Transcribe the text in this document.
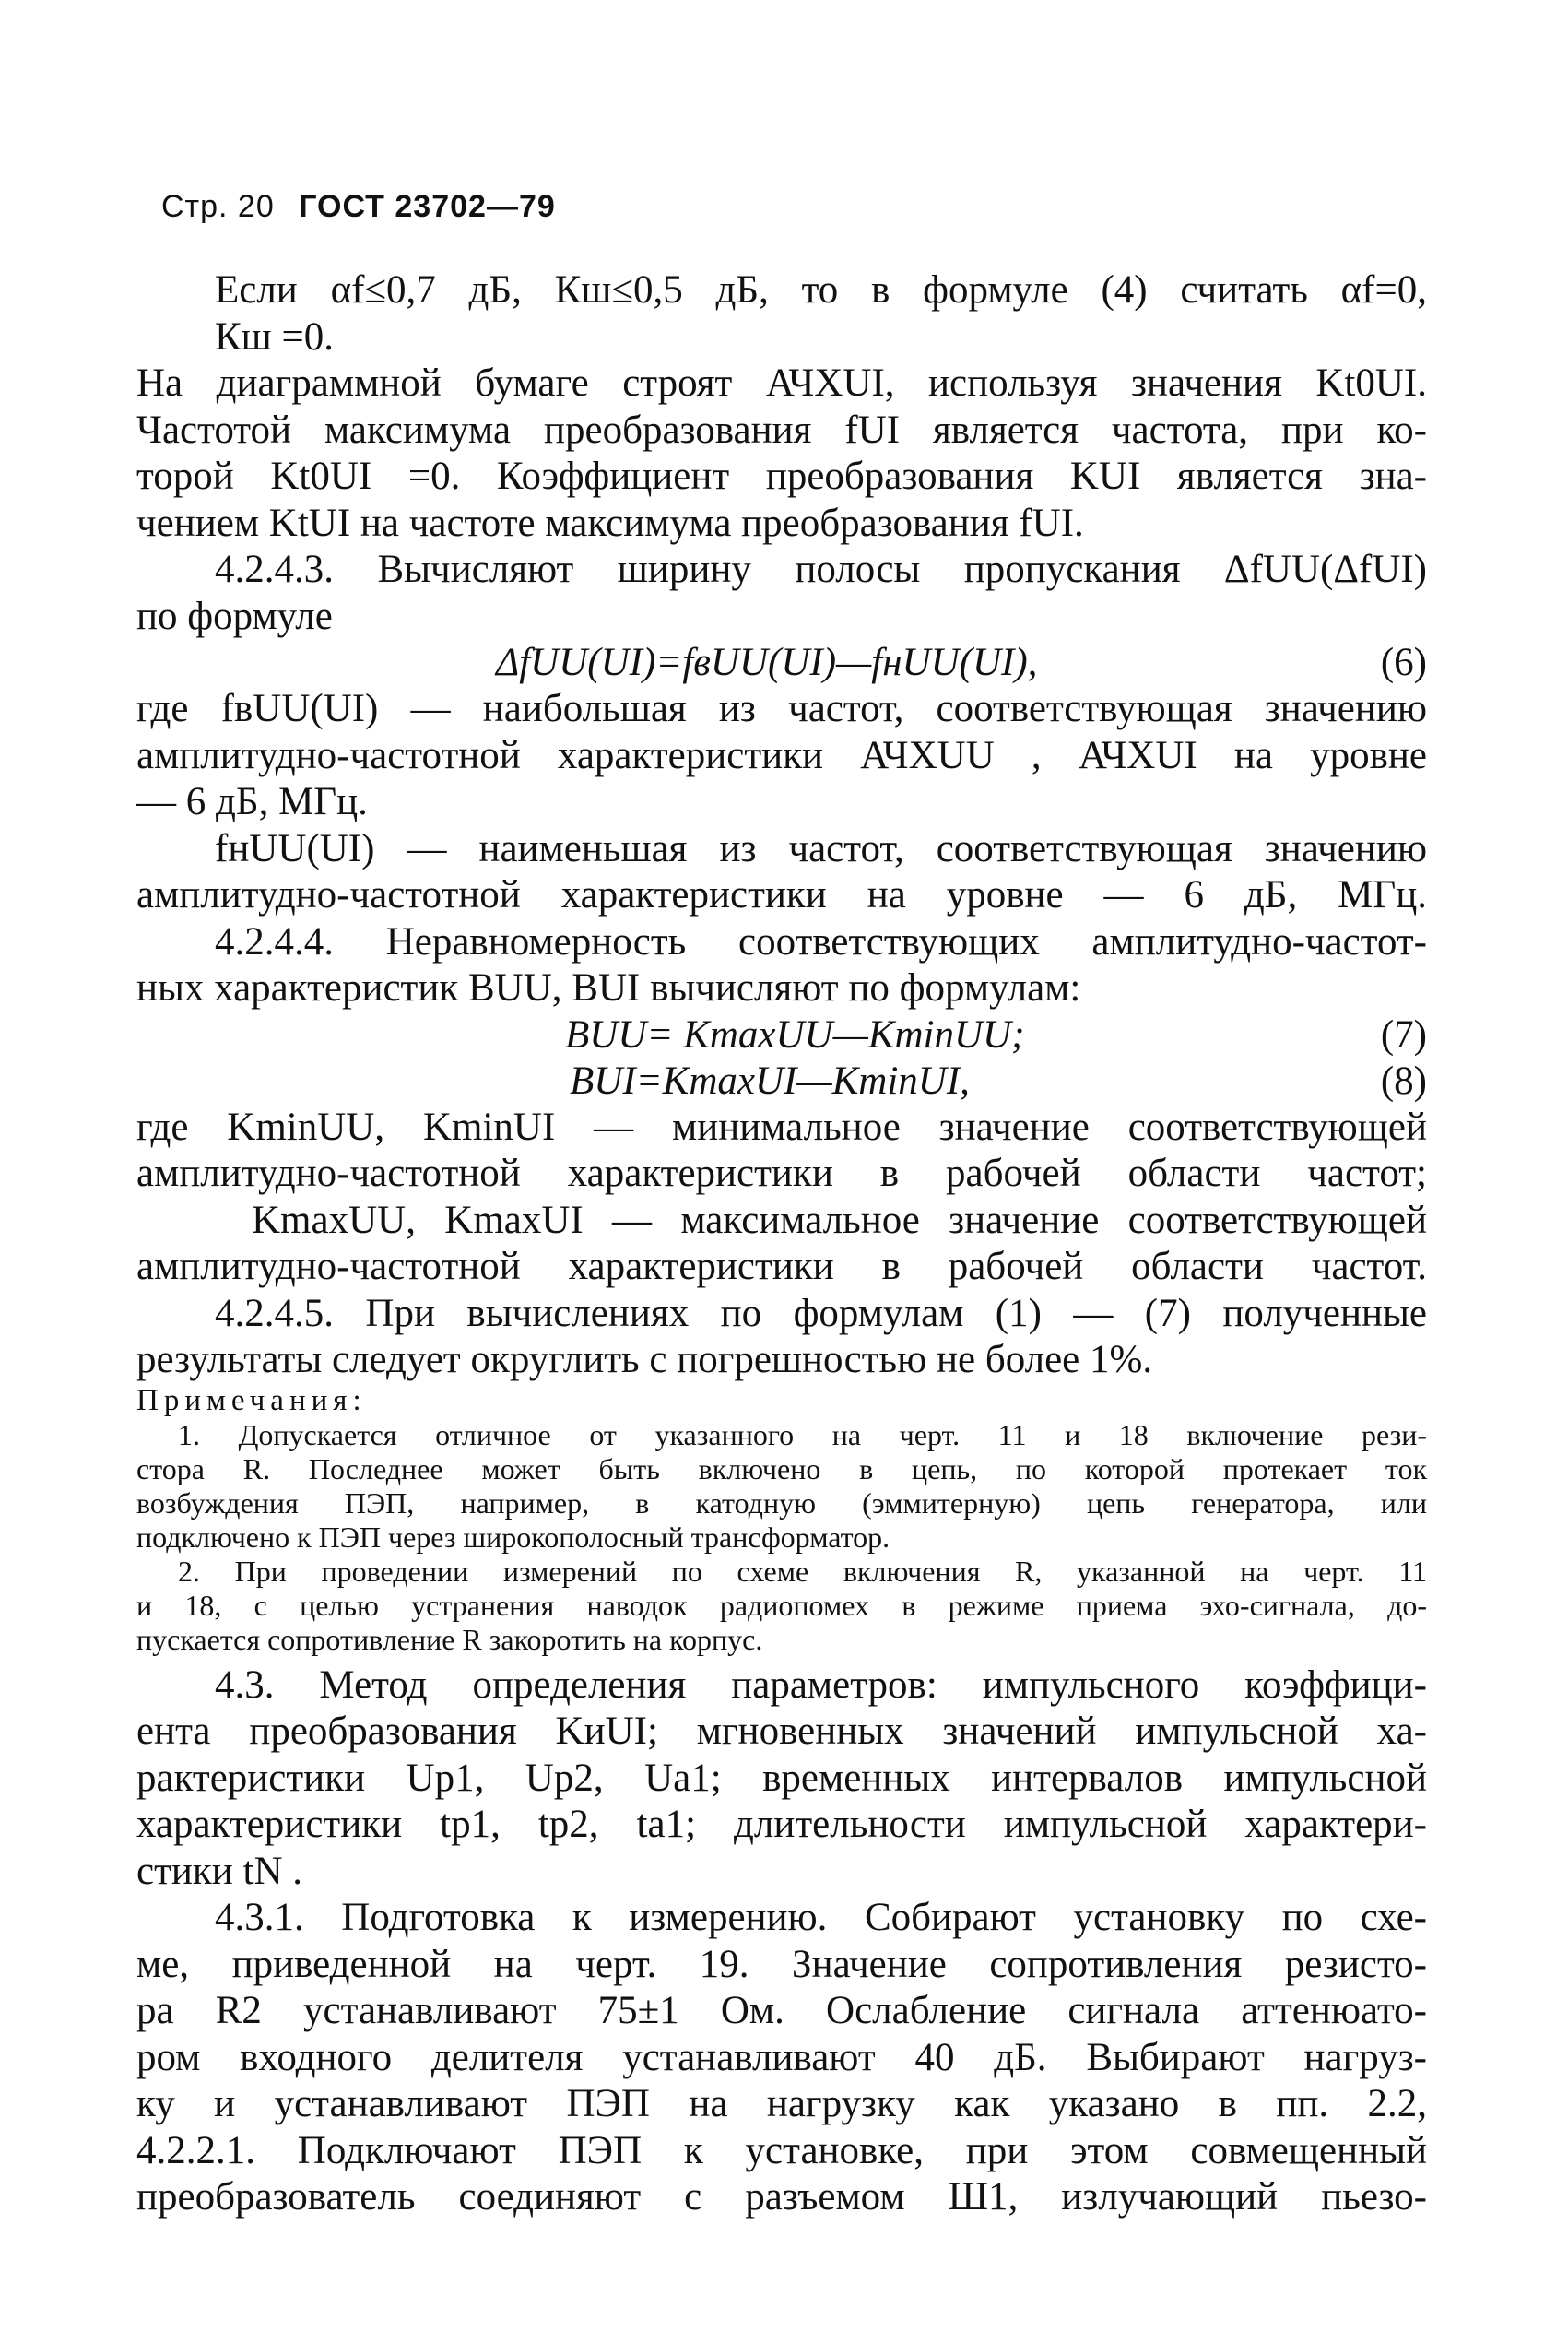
Стр. 20 ГОСТ 23702—79
Если αf≤0,7 дБ, Кш≤0,5 дБ, то в формуле (4) считать αf=0,
Кш =0.
На диаграммной бумаге строят АЧХUI, используя значения Kt0UI.
Частотой максимума преобразования fUI является частота, при ко-
торой Kt0UI =0. Коэффициент преобразования KUI является зна-
чением KtUI на частоте максимума преобразования fUI.
4.2.4.3. Вычисляют ширину полосы пропускания ΔfUU(ΔfUI)
по формуле
ΔfUU(UI)=fвUU(UI)—fнUU(UI),	(6)
где fвUU(UI) — наибольшая из частот, соответствующая значению
амплитудно-частотной характеристики АЧХUU , АЧХUI на уровне
— 6 дБ, МГц.
fнUU(UI) — наименьшая из частот, соответствующая значению
амплитудно-частотной характеристики на уровне — 6 дБ, МГц.
4.2.4.4. Неравномерность соответствующих амплитудно-частот-
ных характеристик BUU, BUI вычисляют по формулам:
BUU= KmaxUU—KminUU;	(7)
BUI=KmaxUI—KminUI,	(8)
где KminUU, KminUI — минимальное значение соответствующей
амплитудно-частотной характеристики в рабочей области частот;
KmaxUU, KmaxUI — максимальное значение соответствующей
амплитудно-частотной характеристики в рабочей области частот.
4.2.4.5. При вычислениях по формулам (1) — (7) полученные
результаты следует округлить с погрешностью не более 1%.
Примечания:
1. Допускается отличное от указанного на черт. 11 и 18 включение рези-
стора R. Последнее может быть включено в цепь, по которой протекает ток
возбуждения ПЭП, например, в катодную (эммитерную) цепь генератора, или
подключено к ПЭП через широкополосный трансформатор.
2. При проведении измерений по схеме включения R, указанной на черт. 11
и 18, с целью устранения наводок радиопомех в режиме приема эхо-сигнала, до-
пускается сопротивление R закоротить на корпус.
4.3. Метод определения параметров: импульсного коэффици-
ента преобразования KиUI; мгновенных значений импульсной ха-
рактеристики Up1, Up2, Ua1; временных интервалов импульсной
характеристики tp1, tp2, ta1; длительности импульсной характери-
стики tN .
4.3.1. Подготовка к измерению. Собирают установку по схе-
ме, приведенной на черт. 19. Значение сопротивления резисто-
ра R2 устанавливают 75±1 Ом. Ослабление сигнала аттенюато-
ром входного делителя устанавливают 40 дБ. Выбирают нагруз-
ку и устанавливают ПЭП на нагрузку как указано в пп. 2.2,
4.2.2.1. Подключают ПЭП к установке, при этом совмещенный
преобразователь соединяют с разъемом Ш1, излучающий пьезо-
